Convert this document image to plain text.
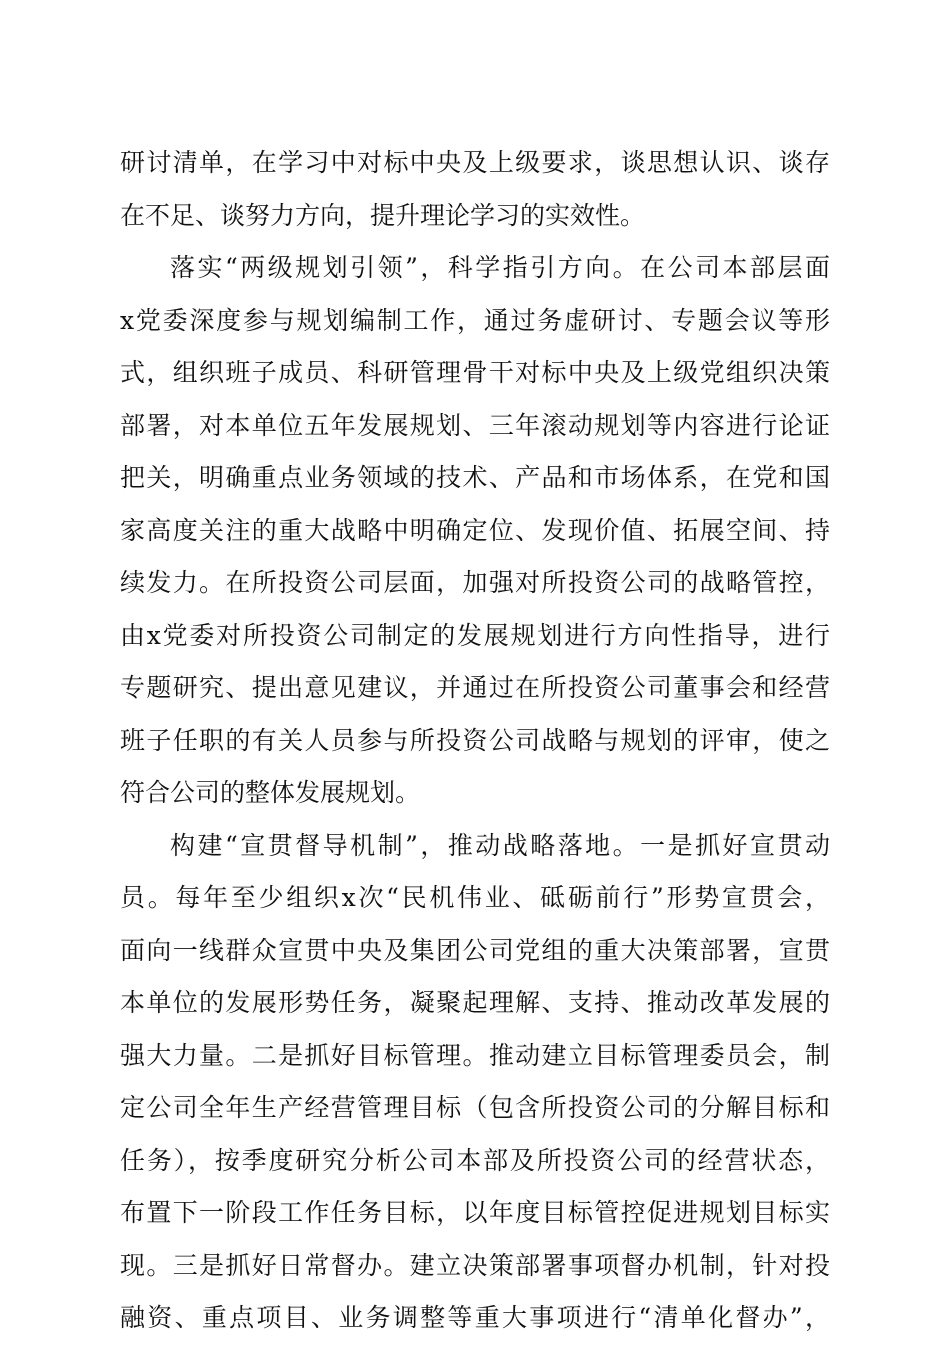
研讨清单，在学习中对标中央及上级要求，谈思想认识、谈存
在不足、谈努力方向，提升理论学习的实效性。
落实“两级规划引领”，科学指引方向。在公司本部层面
x党委深度参与规划编制工作，通过务虚研讨、专题会议等形
式，组织班子成员、科研管理骨干对标中央及上级党组织决策
部署，对本单位五年发展规划、三年滚动规划等内容进行论证
把关，明确重点业务领域的技术、产品和市场体系，在党和国
家高度关注的重大战略中明确定位、发现价值、拓展空间、持
续发力。在所投资公司层面，加强对所投资公司的战略管控，
由x党委对所投资公司制定的发展规划进行方向性指导，进行
专题研究、提出意见建议，并通过在所投资公司董事会和经营
班子任职的有关人员参与所投资公司战略与规划的评审，使之
符合公司的整体发展规划。
构建“宣贯督导机制”，推动战略落地。一是抓好宣贯动
员。每年至少组织x次“民机伟业、砥砺前行”形势宣贯会，
面向一线群众宣贯中央及集团公司党组的重大决策部署，宣贯
本单位的发展形势任务，凝聚起理解、支持、推动改革发展的
强大力量。二是抓好目标管理。推动建立目标管理委员会，制
定公司全年生产经营管理目标（包含所投资公司的分解目标和
任务），按季度研究分析公司本部及所投资公司的经营状态，
布置下一阶段工作任务目标，以年度目标管控促进规划目标实
现。三是抓好日常督办。建立决策部署事项督办机制，针对投
融资、重点项目、业务调整等重大事项进行“清单化督办”，
